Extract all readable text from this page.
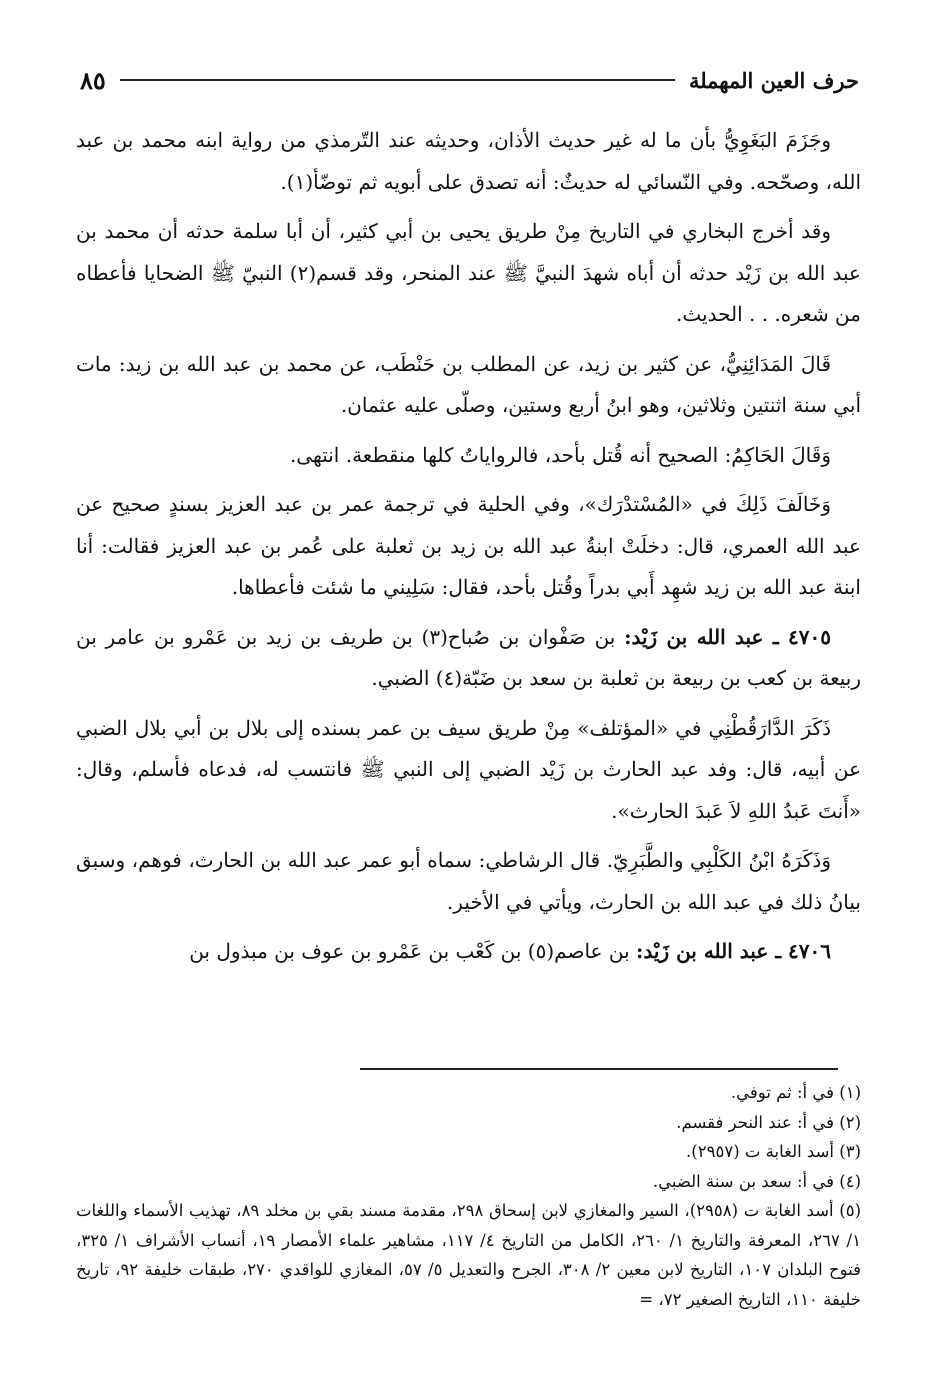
حرف العين المهملة
٨٥

وجَزَمَ البَغَوِيُّ بأن ما له غير حديث الأذان، وحديثه عند التّرمذي من رواية ابنه محمد بن عبد الله، وصحّحه. وفي النّسائي له حديثٌ: أنه تصدق على أبويه ثم توضّأ(١).

وقد أخرج البخاري في التاريخ مِنْ طريق يحيى بن أبي كثير، أن أبا سلمة حدثه أن محمد بن عبد الله بن زَيْد حدثه أن أباه شهدَ النبيَّ ﷺ عند المنحر، وقد قسم(٢) النبيّ ﷺ الضحايا فأعطاه من شعره. . . الحديث.

قَالَ المَدَائِنِيُّ، عن كثير بن زيد، عن المطلب بن حَنْطَب، عن محمد بن عبد الله بن زيد: مات أبي سنة اثنتين وثلاثين، وهو ابنُ أربع وستين، وصلّى عليه عثمان.

وَقَالَ الحَاكِمُ: الصحيح أنه قُتل بأحد، فالرواياتُ كلها منقطعة. انتهى.

وَخَالَفَ ذَلِكَ في «المُسْتدْرَك»، وفي الحلية في ترجمة عمر بن عبد العزيز بسندٍ صحيح عن عبد الله العمري، قال: دخلَتْ ابنةُ عبد الله بن زيد بن ثعلبة على عُمر بن عبد العزيز فقالت: أنا ابنة عبد الله بن زيد شهِد أَبي بدراً وقُتل بأحد، فقال: سَلِيني ما شئت فأعطاها.

٤٧٠٥ ـ عبد الله بن زَيْد: بن صَفْوان بن صُباح(٣) بن طريف بن زيد بن عَمْرو بن عامر بن ربيعة بن كعب بن ربيعة بن ثعلبة بن سعد بن ضَبّة(٤) الضبي.

ذَكَرَ الدَّارَقُطْنِي في «المؤتلف» مِنْ طريق سيف بن عمر بسنده إلى بلال بن أبي بلال الضبي عن أبيه، قال: وفد عبد الحارث بن زَيْد الضبي إلى النبي ﷺ فانتسب له، فدعاه فأسلم، وقال: «أَنتَ عَبدُ اللهِ لاَ عَبدَ الحارث».

وَذَكَرَهُ ابْنُ الكَلْبِي والطَّبَرِيّ. قال الرشاطي: سماه أبو عمر عبد الله بن الحارث، فوهم، وسبق بيانُ ذلك في عبد الله بن الحارث، ويأتي في الأخير.

٤٧٠٦ ـ عبد الله بن زَيْد: بن عاصم(٥) بن كَعْب بن عَمْرو بن عوف بن مبذول بن

(١) في أ: ثم توفي.

(٢) في أ: عند النحر فقسم.

(٣) أسد الغابة ت (٢٩٥٧).

(٤) في أ: سعد بن سنة الضبي.

(٥) أسد الغابة ت (٢٩٥٨)، السير والمغازي لابن إسحاق ٢٩٨، مقدمة مسند بقي بن مخلد ٨٩، تهذيب الأسماء واللغات ١/ ٢٦٧، المعرفة والتاريخ ١/ ٢٦٠، الكامل من التاريخ ٤/ ١١٧، مشاهير علماء الأمصار ١٩، أنساب الأشراف ١/ ٣٢٥، فتوح البلدان ١٠٧، التاريخ لابن معين ٢/ ٣٠٨، الجرح والتعديل ٥/ ٥٧، المغازي للواقدي ٢٧٠، طبقات خليفة ٩٢، تاريخ خليفة ١١٠، التاريخ الصغير ٧٢، =
